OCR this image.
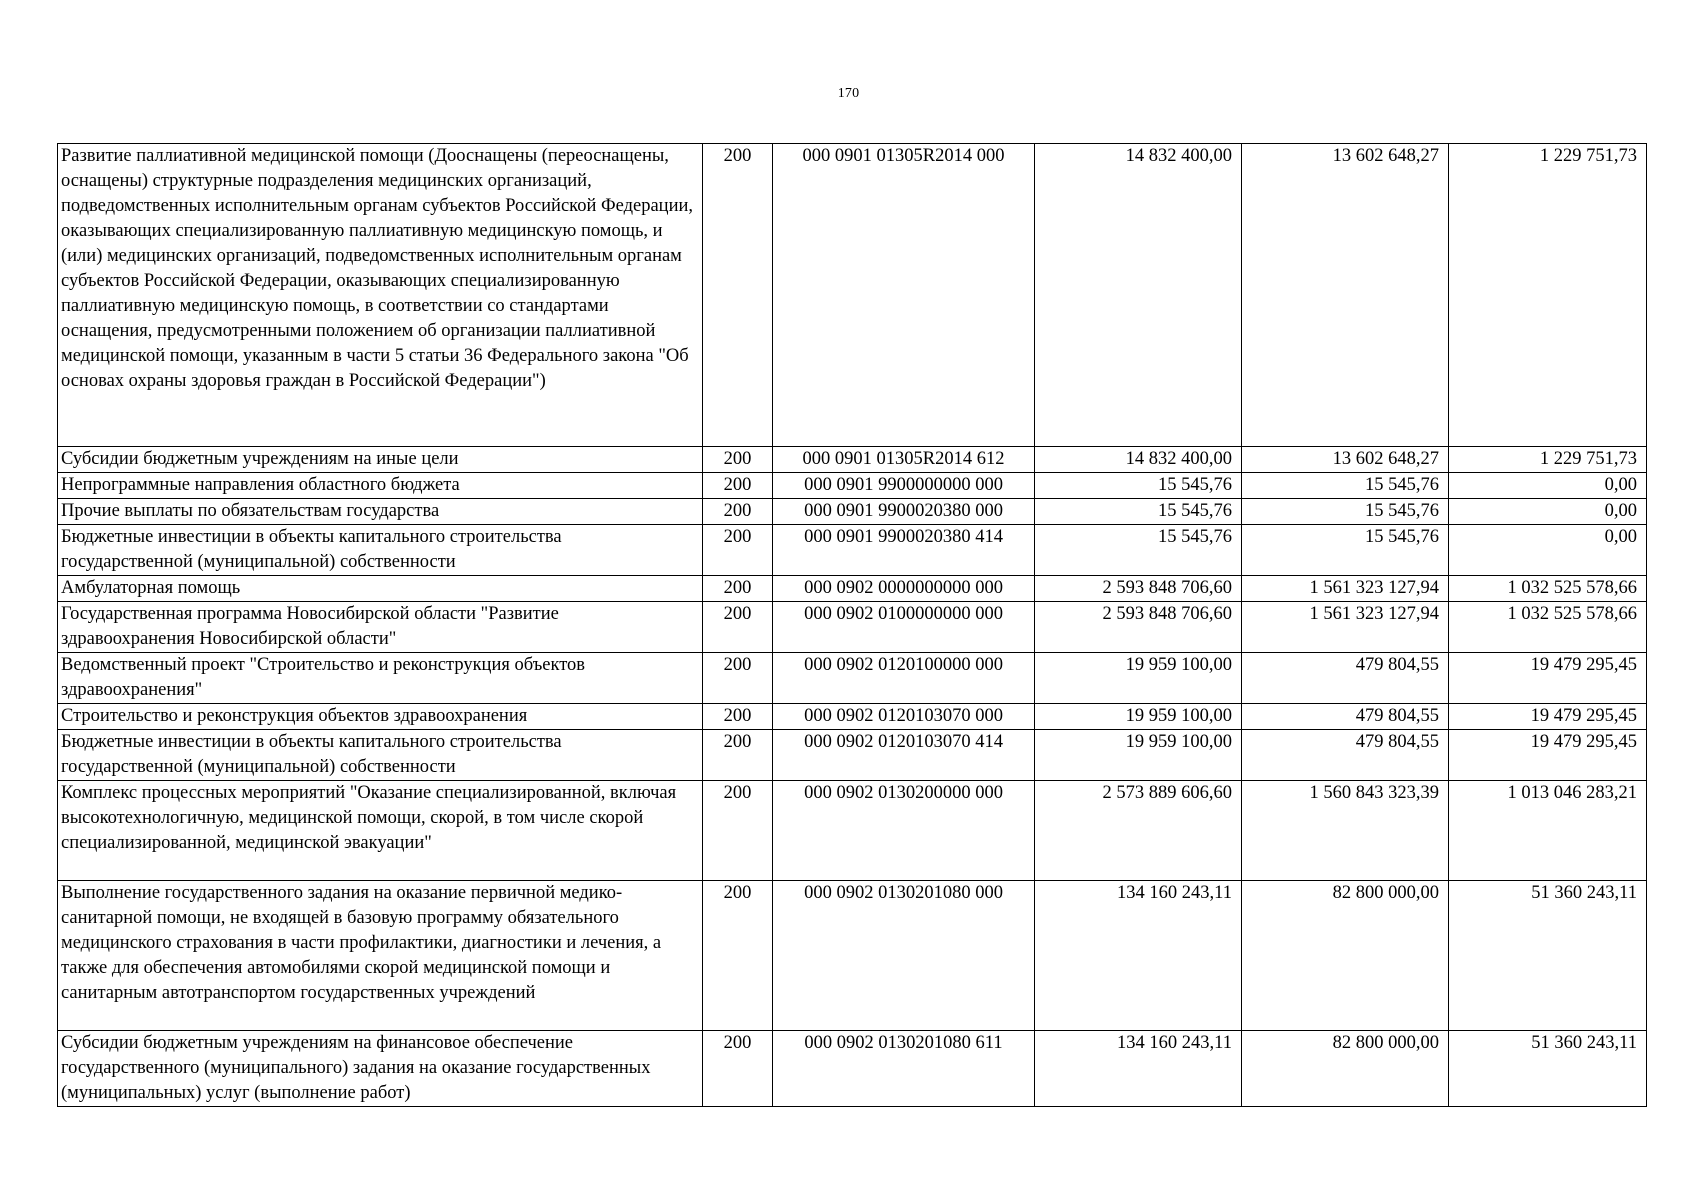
170
Развитие паллиативной медицинской помощи (Дооснащены (переоснащены, оснащены) структурные подразделения медицинских организаций, подведомственных исполнительным органам субъектов Российской Федерации, оказывающих специализированную паллиативную медицинскую помощь, и (или) медицинских организаций, подведомственных исполнительным органам субъектов Российской Федерации, оказывающих специализированную паллиативную медицинскую помощь, в соответствии со стандартами оснащения, предусмотренными положением об организации паллиативной медицинской помощи, указанным в части 5 статьи 36 Федерального закона "Об основах охраны здоровья граждан в Российской Федерации")	200	000 0901 01305R2014 000	14 832 400,00	13 602 648,27	1 229 751,73
Субсидии бюджетным учреждениям на иные цели	200	000 0901 01305R2014 612	14 832 400,00	13 602 648,27	1 229 751,73
Непрограммные направления областного бюджета	200	000 0901 9900000000 000	15 545,76	15 545,76	0,00
Прочие выплаты по обязательствам государства	200	000 0901 9900020380 000	15 545,76	15 545,76	0,00
Бюджетные инвестиции в объекты капитального строительства государственной (муниципальной) собственности	200	000 0901 9900020380 414	15 545,76	15 545,76	0,00
Амбулаторная помощь	200	000 0902 0000000000 000	2 593 848 706,60	1 561 323 127,94	1 032 525 578,66
Государственная программа Новосибирской области "Развитие здравоохранения Новосибирской области"	200	000 0902 0100000000 000	2 593 848 706,60	1 561 323 127,94	1 032 525 578,66
Ведомственный проект "Строительство и реконструкция объектов здравоохранения"	200	000 0902 0120100000 000	19 959 100,00	479 804,55	19 479 295,45
Строительство и реконструкция объектов здравоохранения	200	000 0902 0120103070 000	19 959 100,00	479 804,55	19 479 295,45
Бюджетные инвестиции в объекты капитального строительства государственной (муниципальной) собственности	200	000 0902 0120103070 414	19 959 100,00	479 804,55	19 479 295,45
Комплекс процессных мероприятий "Оказание специализированной, включая высокотехнологичную, медицинской помощи, скорой, в том числе скорой специализированной, медицинской эвакуации"	200	000 0902 0130200000 000	2 573 889 606,60	1 560 843 323,39	1 013 046 283,21
Выполнение государственного задания на оказание первичной медико-санитарной помощи, не входящей в базовую программу обязательного медицинского страхования в части профилактики, диагностики и лечения, а также для обеспечения автомобилями скорой медицинской помощи и санитарным автотранспортом государственных учреждений	200	000 0902 0130201080 000	134 160 243,11	82 800 000,00	51 360 243,11
Субсидии бюджетным учреждениям на финансовое обеспечение государственного (муниципального) задания на оказание государственных (муниципальных) услуг (выполнение работ)	200	000 0902 0130201080 611	134 160 243,11	82 800 000,00	51 360 243,11
